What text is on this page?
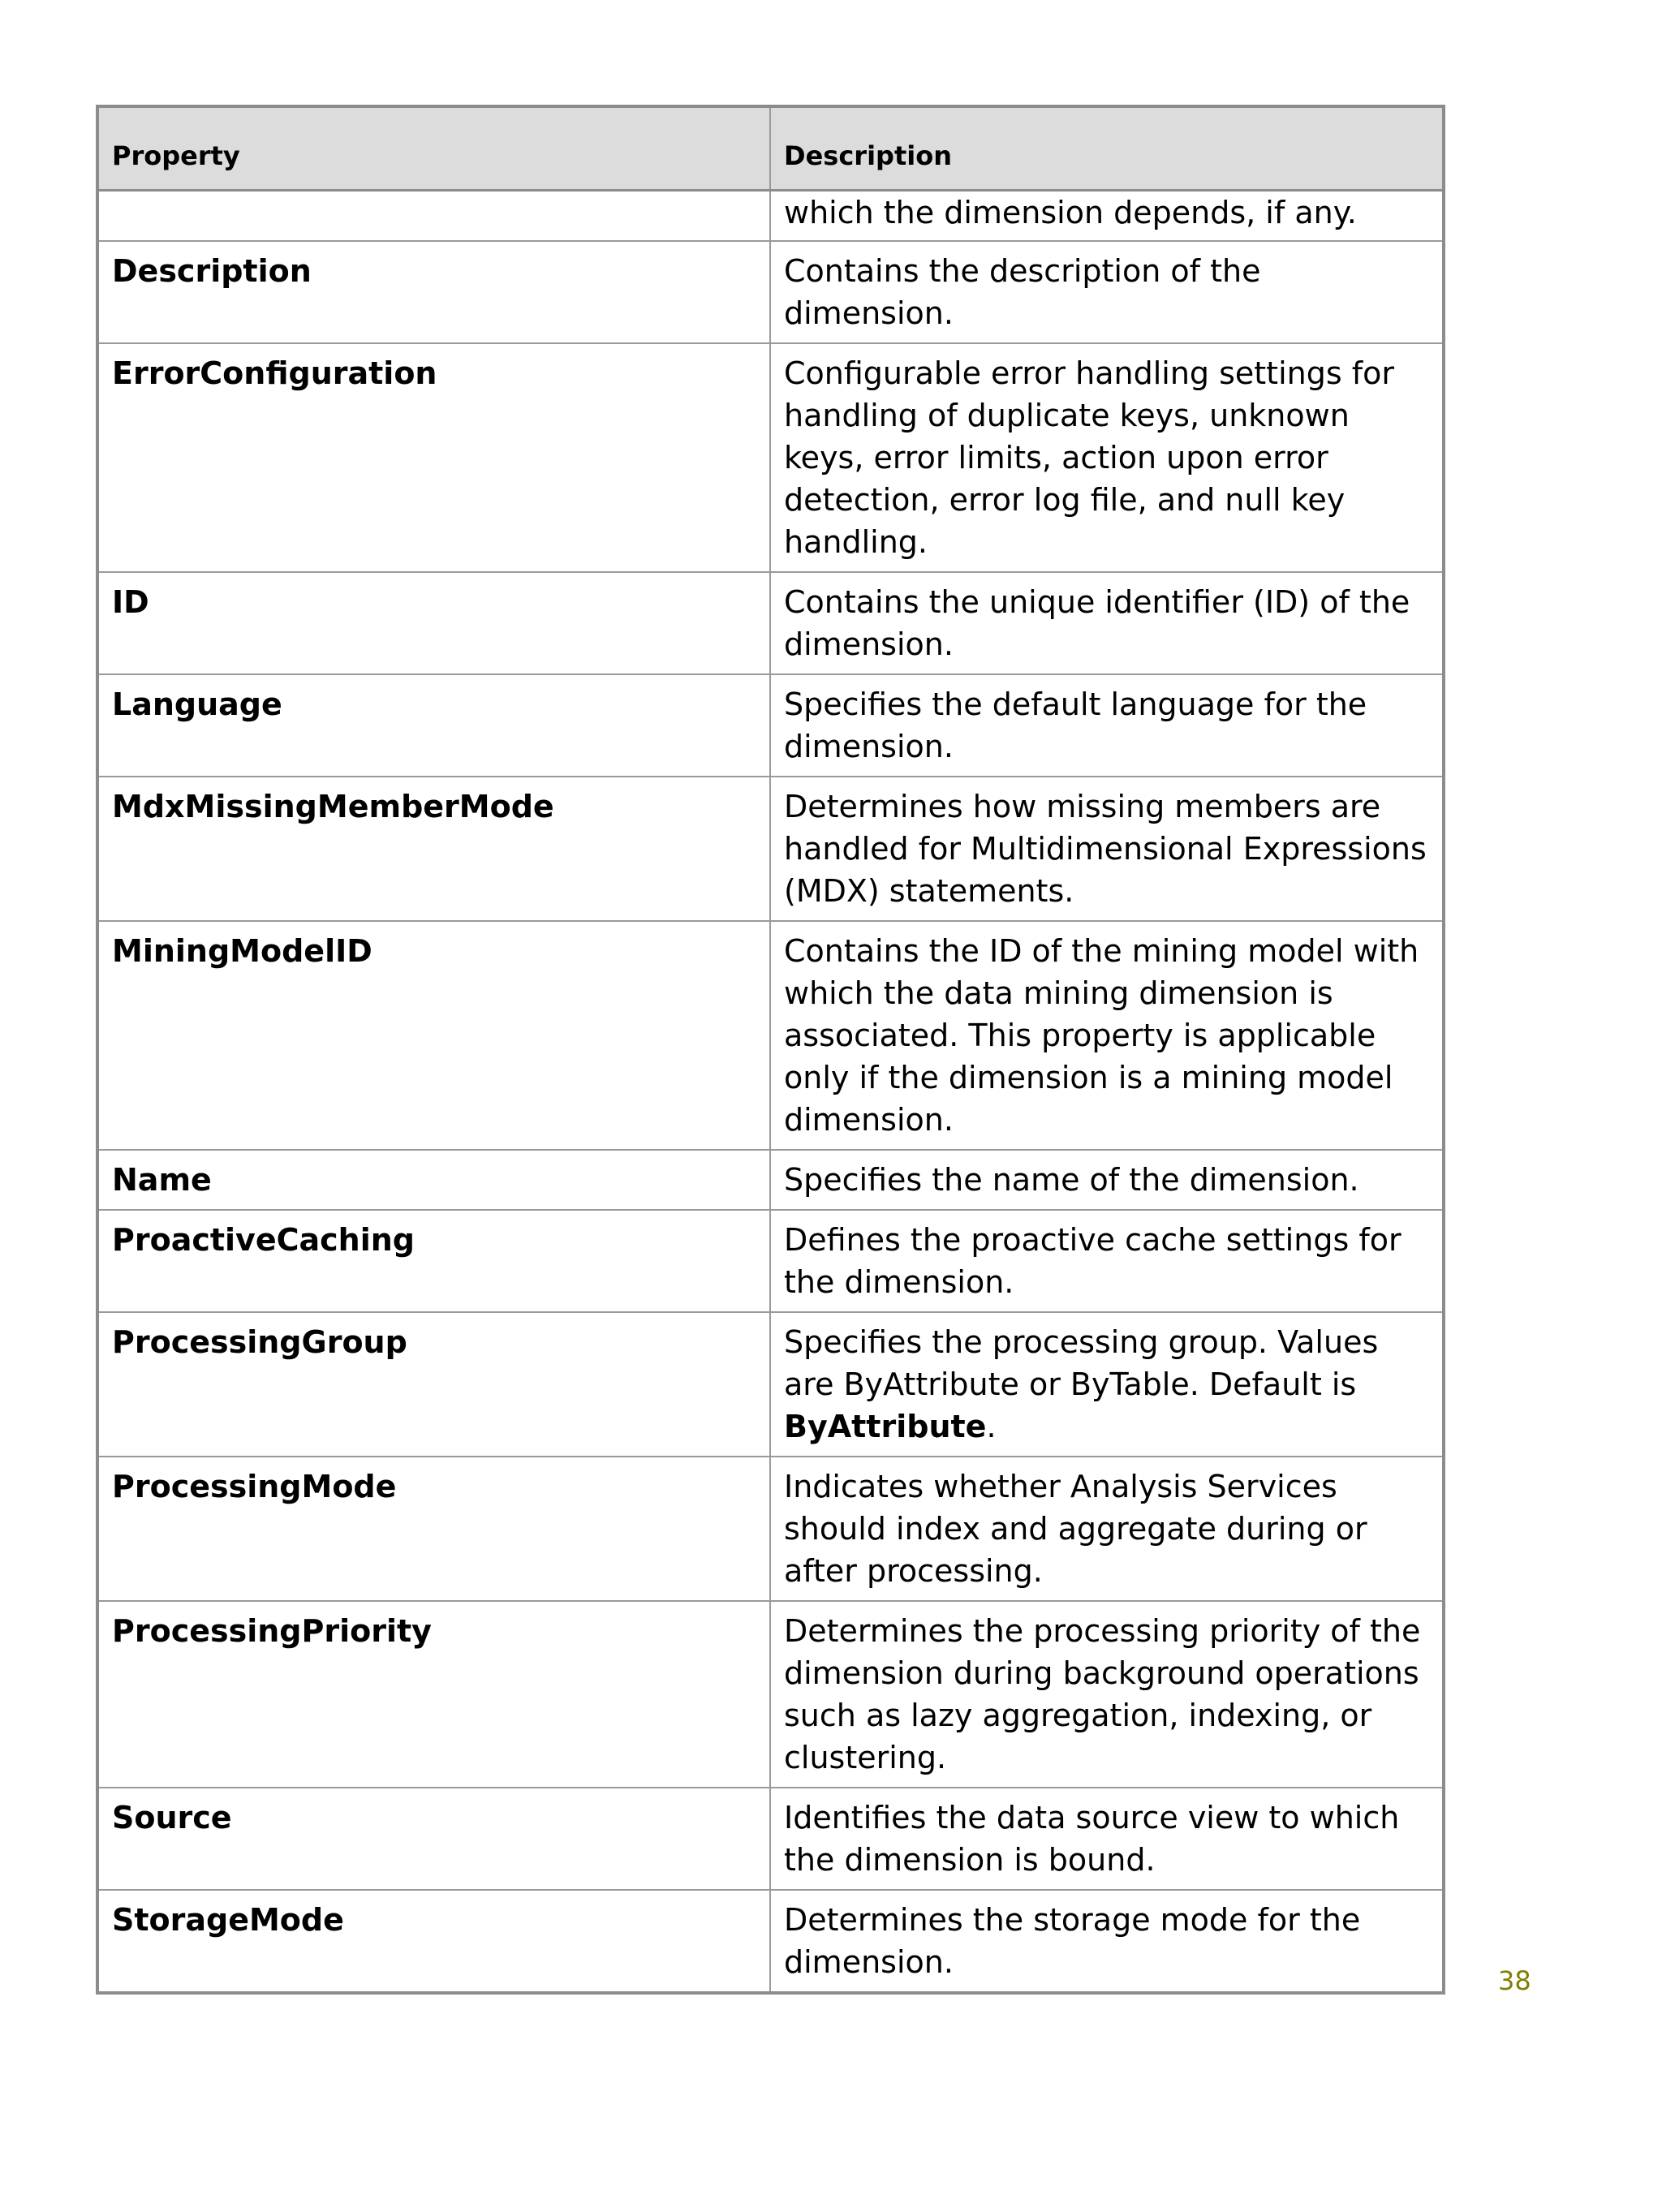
Property	Description
	which the dimension depends, if any.
Description	Contains the description of the dimension.
ErrorConfiguration	Configurable error handling settings for handling of duplicate keys, unknown keys, error limits, action upon error detection, error log file, and null key handling.
ID	Contains the unique identifier (ID) of the dimension.
Language	Specifies the default language for the dimension.
MdxMissingMemberMode	Determines how missing members are handled for Multidimensional Expressions (MDX) statements.
MiningModelID	Contains the ID of the mining model with which the data mining dimension is associated. This property is applicable only if the dimension is a mining model dimension.
Name	Specifies the name of the dimension.
ProactiveCaching	Defines the proactive cache settings for the dimension.
ProcessingGroup	Specifies the processing group. Values are ByAttribute or ByTable. Default is ByAttribute.
ProcessingMode	Indicates whether Analysis Services should index and aggregate during or after processing.
ProcessingPriority	Determines the processing priority of the dimension during background operations such as lazy aggregation, indexing, or clustering.
Source	Identifies the data source view to which the dimension is bound.
StorageMode	Determines the storage mode for the dimension.
38
